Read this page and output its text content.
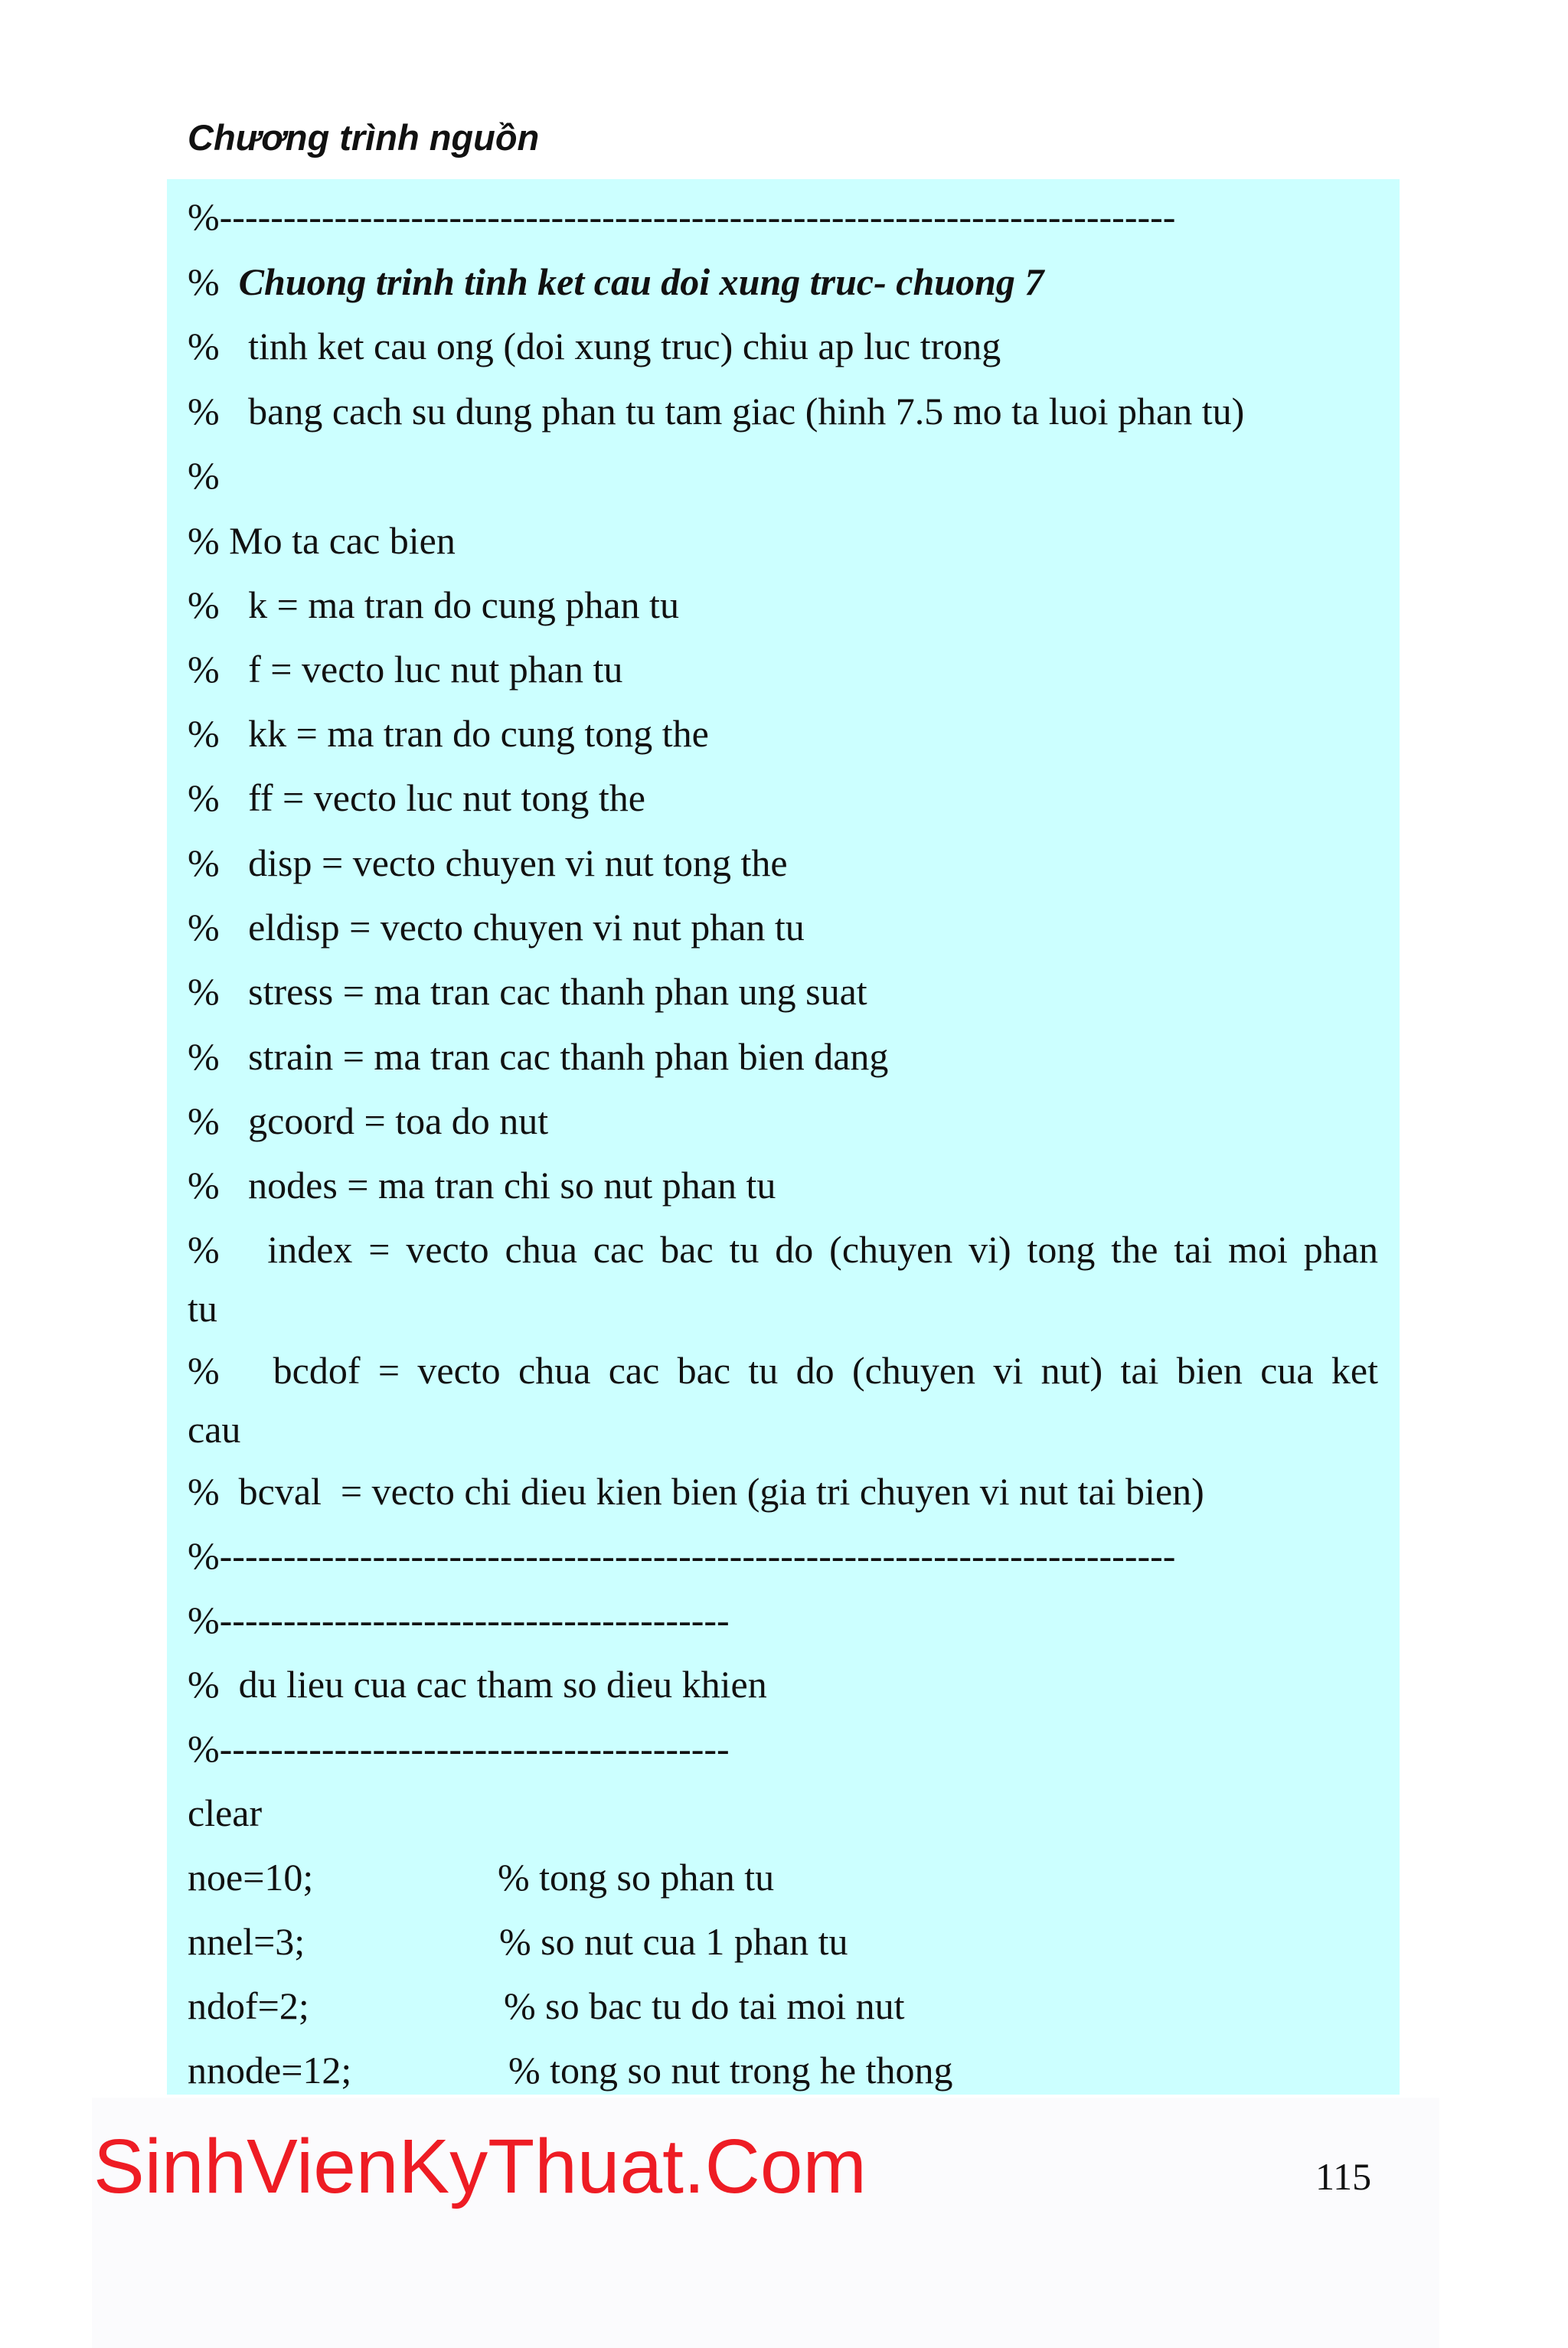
Chương trình nguồn
%---------------------------------------------------------------------------
%  Chuong trinh tinh ket cau doi xung truc- chuong 7
%   tinh ket cau ong (doi xung truc) chiu ap luc trong
%   bang cach su dung phan tu tam giac (hinh 7.5 mo ta luoi phan tu)
%
% Mo ta cac bien
%   k = ma tran do cung phan tu
%   f = vecto luc nut phan tu
%   kk = ma tran do cung tong the
%   ff = vecto luc nut tong the
%   disp = vecto chuyen vi nut tong the
%   eldisp = vecto chuyen vi nut phan tu
%   stress = ma tran cac thanh phan ung suat
%   strain = ma tran cac thanh phan bien dang
%   gcoord = toa do nut
%   nodes = ma tran chi so nut phan tu
%   index = vecto chua cac bac tu do (chuyen vi) tong the tai moi phan
tu
%   bcdof = vecto chua cac bac tu do (chuyen vi nut) tai bien cua ket
cau
%  bcval  = vecto chi dieu kien bien (gia tri chuyen vi nut tai bien)
%---------------------------------------------------------------------------
%----------------------------------------
%  du lieu cua cac tham so dieu khien
%----------------------------------------
clear
noe=10;	% tong so phan tu
nnel=3;	% so nut cua 1 phan tu
ndof=2;	% so bac tu do tai moi nut
nnode=12;	% tong so nut trong he thong
SinhVienKyThuat.Com	115
